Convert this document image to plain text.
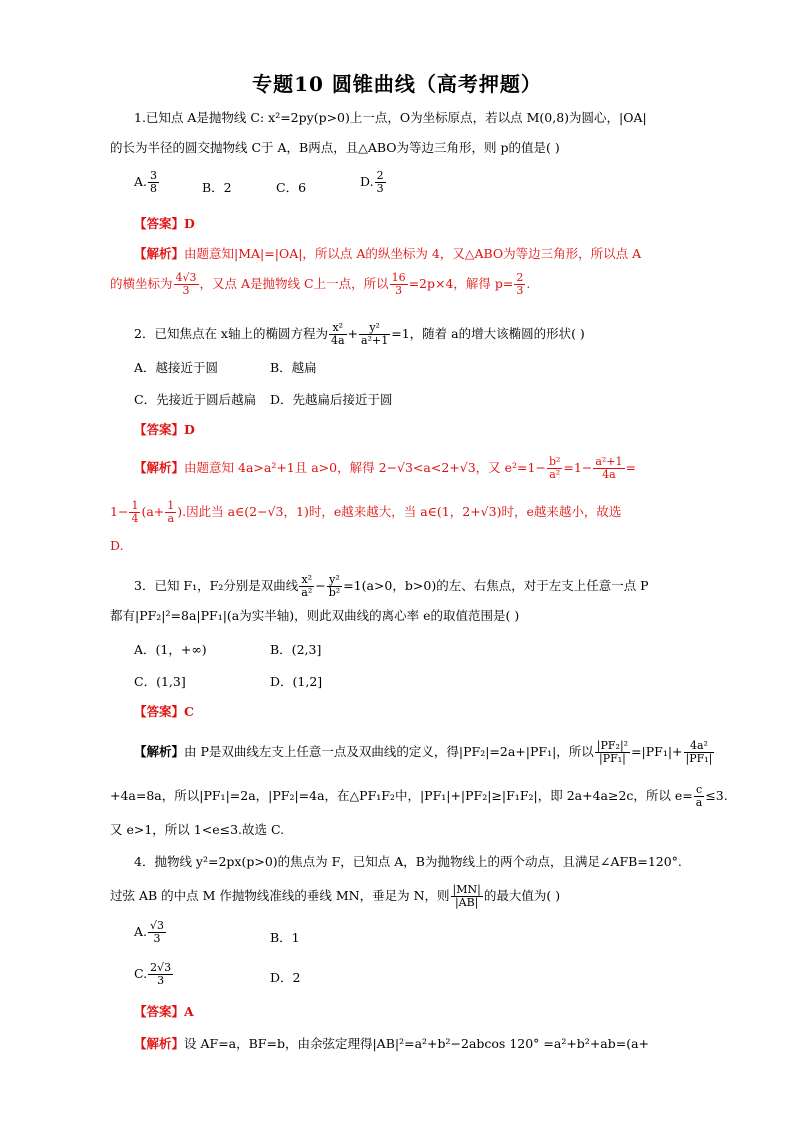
专题10 圆锥曲线（高考押题）
1.已知点 A是抛物线 C: x²=2py(p>0)上一点，O为坐标原点，若以点 M(0,8)为圆心，|OA|
的长为半径的圆交抛物线 C于 A，B两点，且△ABO为等边三角形，则 p的值是( )
A. $\frac{3}{8}$	B．2	C．6	D. $\frac{2}{3}$
【答案】D
【解析】由题意知|MA|=|OA|，所以点 A的纵坐标为 4，又△ABO为等边三角形，所以点 A
的横坐标为 $\frac{4√3}{3}$ ，又点 A是抛物线 C上一点，所以 $\frac{16}{3} =2p\times 4$，解得 $p= \frac{2}{3}$ .
2．已知焦点在 x轴上的椭圆方程为 $\frac{\text{x²}}{4a} + \frac{\text{y²}}{\text{a²+1}} =1$，随着 a的增大该椭圆的形状( )
A．越接近于圆	B．越扁
C．先接近于圆后越扁 D．先越扁后接近于圆
【答案】D
【解析】由题意知 4a>a²+1且 a>0，解得 2−√3<a<2+√3，又 $e^2=1- \frac{\text{b²}}{\text{a²}} =1- \frac{\text{a²+1}}{4a}$ =
$1- \frac{1}{4} (a+ \frac{1}{a}$ ).因此当 a∈(2−√3，1)时，e越来越大，当 a∈(1，2+√3)时，e越来越小，故选
D.
3．已知 F₁，F₂分别是双曲线 $\frac{\text{x²}}{\text{a²}} - \frac{\text{y²}}{\text{b²}} =1(a>0$，b>0)的左、右焦点，对于左支上任意一点 P
都有|PF₂|²=8a|PF₁|(a为实半轴)，则此双曲线的离心率 e的取值范围是( )
A．(1，+∞)	B．(2,3]
C．(1,3]	D．(1,2]
【答案】C
【解析】由 P是双曲线左支上任意一点及双曲线的定义，得|PF₂|=2a+|PF₁|，所以 $\frac{\text{|PF₂|²}}{\text{|PF₁|}} =|PF_1|+ \frac{\text{4a²}}{\text{|PF₁|}}$
+4a=8a，所以|PF₁|=2a，|PF₂|=4a，在△PF₁F₂中，|PF₁|+|PF₂|≥|F₁F₂|，即 2a+4a≥2c，所以 $e= \frac{c}{a} \le 3$.
又 e>1，所以 1<e≤3.故选 C.
4．抛物线 y²=2px(p>0)的焦点为 F，已知点 A，B为抛物线上的两个动点，且满足∠AFB=120°.
过弦 AB 的中点 M 作抛物线准线的垂线 MN，垂足为 N，则 $\frac{|MN|}{|AB|}$ 的最大值为( )
A. $\frac{√3}{3}$	B．1
C. $\frac{2√3}{3}$	D．2
【答案】A
【解析】设 AF=a，BF=b，由余弦定理得|AB|²=a²+b²−2abcos 120° =a²+b²+ab=(a+
